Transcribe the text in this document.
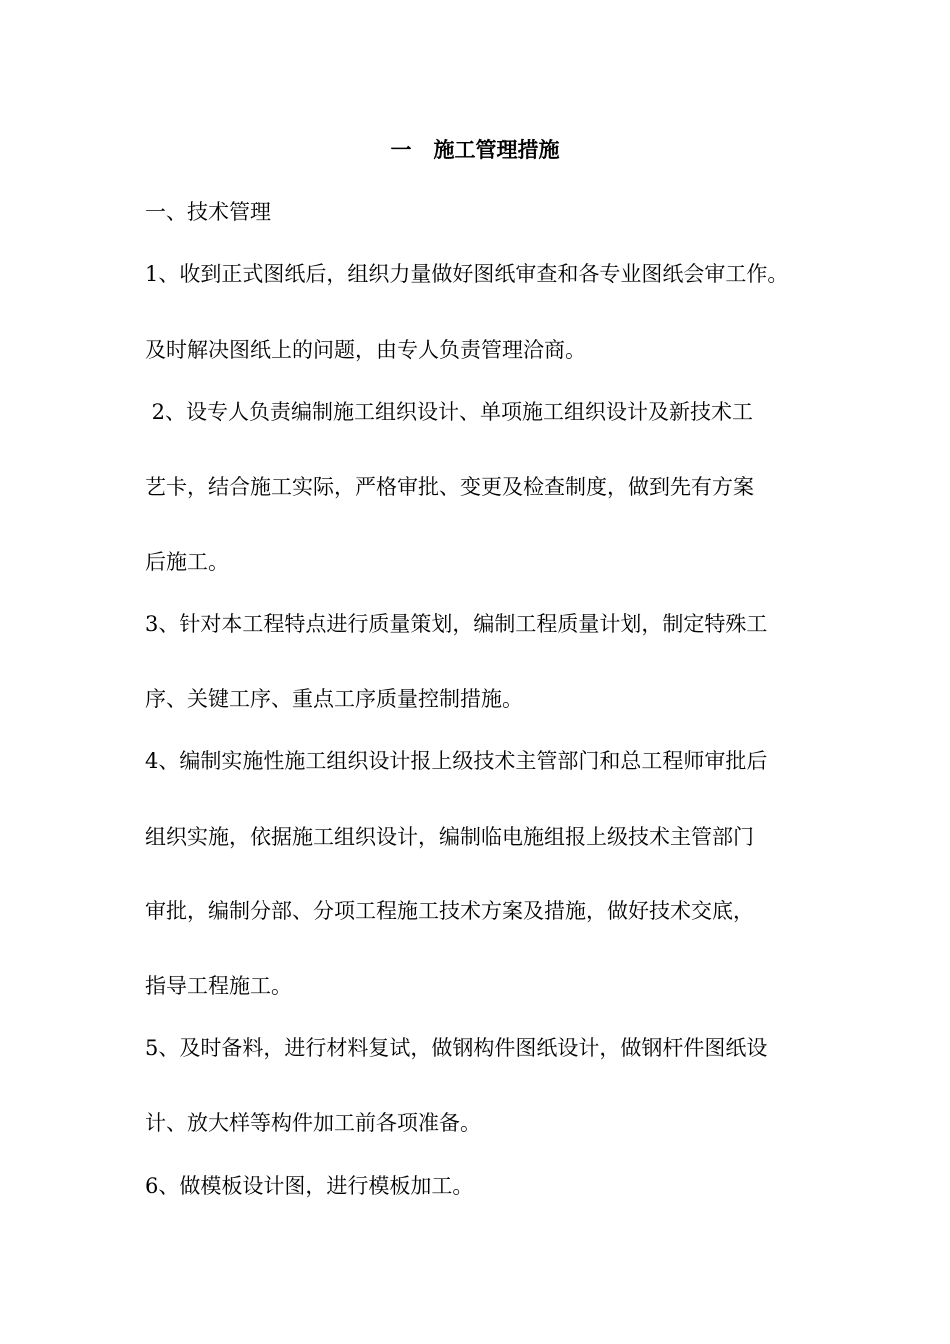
一   施工管理措施
一、技术管理
1、收到正式图纸后，组织力量做好图纸审查和各专业图纸会审工作。
及时解决图纸上的问题，由专人负责管理洽商。
2、设专人负责编制施工组织设计、单项施工组织设计及新技术工
艺卡，结合施工实际，严格审批、变更及检查制度，做到先有方案
后施工。
3、针对本工程特点进行质量策划，编制工程质量计划，制定特殊工
序、关键工序、重点工序质量控制措施。
4、编制实施性施工组织设计报上级技术主管部门和总工程师审批后
组织实施，依据施工组织设计，编制临电施组报上级技术主管部门
审批，编制分部、分项工程施工技术方案及措施，做好技术交底，
指导工程施工。
5、及时备料，进行材料复试，做钢构件图纸设计，做钢杆件图纸设
计、放大样等构件加工前各项准备。
6、做模板设计图，进行模板加工。
